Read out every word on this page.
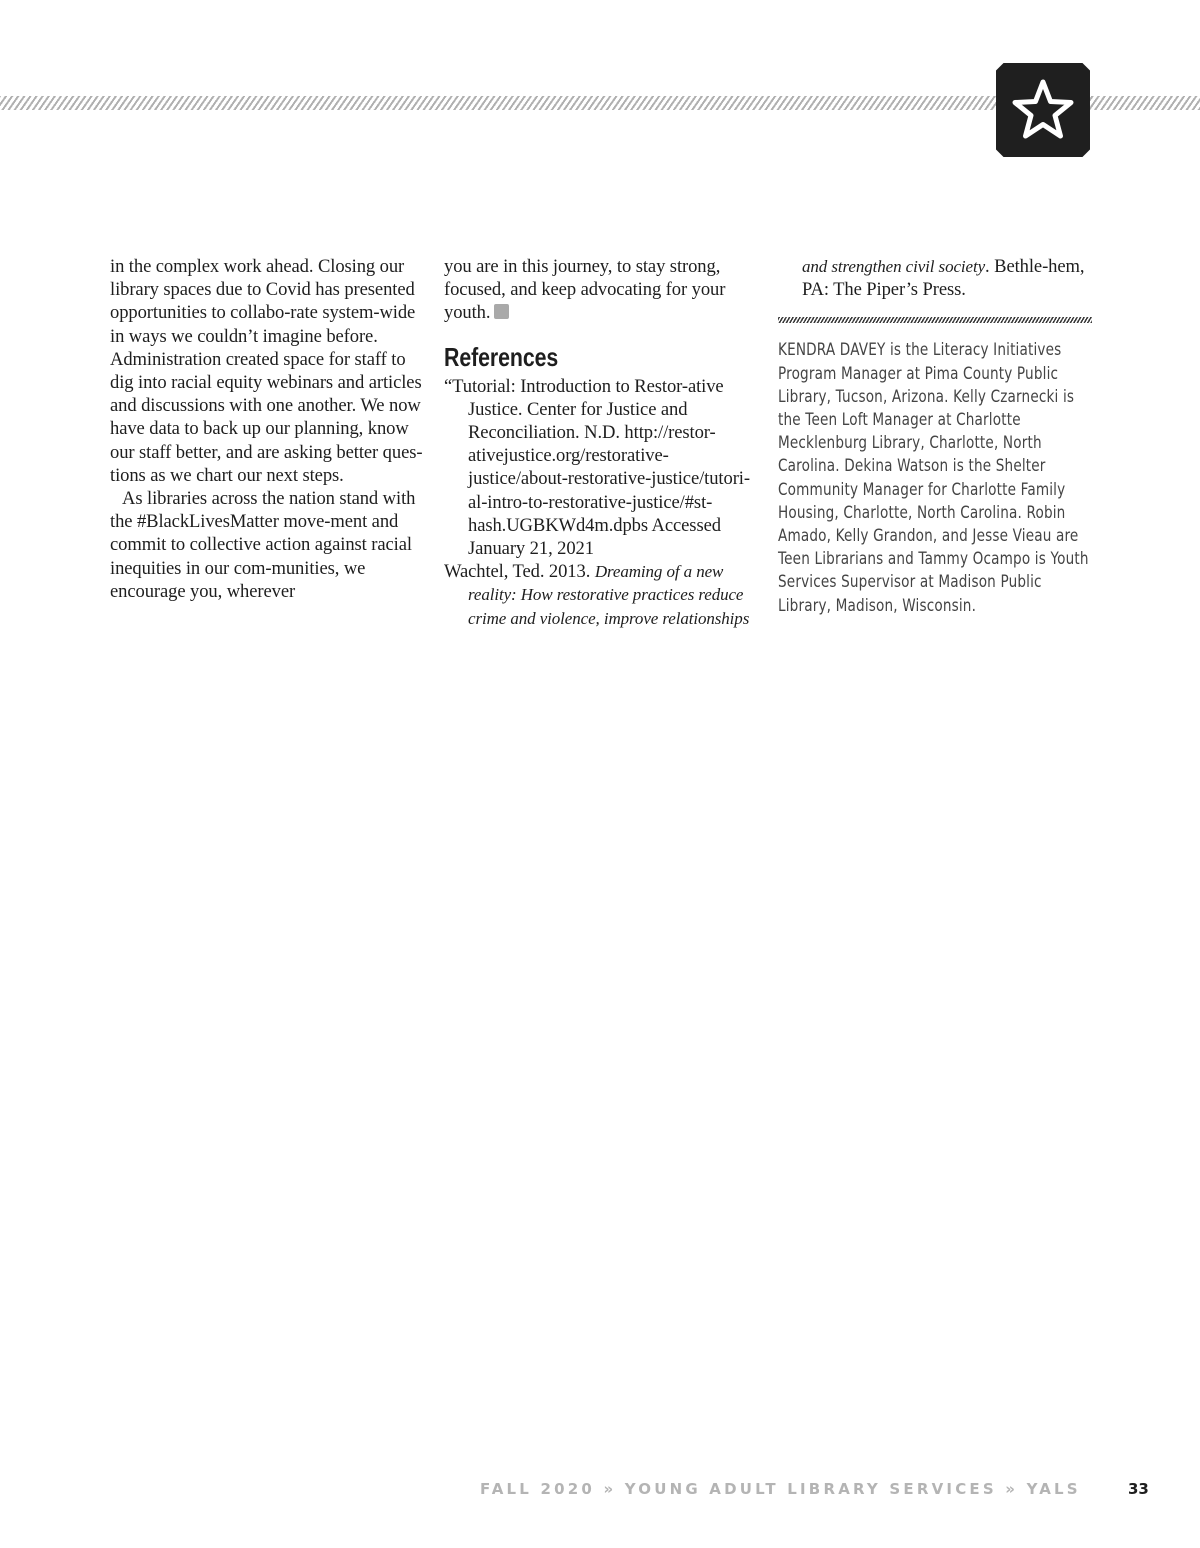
in the complex work ahead. Closing our library spaces due to Covid has presented opportunities to collabo-rate system-wide in ways we couldn’t imagine before. Administration created space for staff to dig into racial equity webinars and articles and discussions with one another. We now have data to back up our planning, know our staff better, and are asking better ques-tions as we chart our next steps.

As libraries across the nation stand with the #BlackLivesMatter move-ment and commit to collective action against racial inequities in our com-munities, we encourage you, wherever

you are in this journey, to stay strong, focused, and keep advocating for your youth.

References

“Tutorial: Introduction to Restor-ative Justice. Center for Justice and Reconciliation. N.D. http://restor-ativejustice.org/restorative-justice/about-restorative-justice/tutori-al-intro-to-restorative-justice/#st-hash.UGBKWd4m.dpbs Accessed January 21, 2021

Wachtel, Ted. 2013. Dreaming of a new reality: How restorative practices reduce crime and violence, improve relationships

and strengthen civil society. Bethle-hem, PA: The Piper’s Press.

KENDRA DAVEY is the Literacy Initiatives Program Manager at Pima County Public Library, Tucson, Arizona. Kelly Czarnecki is the Teen Loft Manager at Charlotte Mecklenburg Library, Charlotte, North Carolina. Dekina Watson is the Shelter Community Manager for Charlotte Family Housing, Charlotte, North Carolina. Robin Amado, Kelly Grandon, and Jesse Vieau are Teen Librarians and Tammy Ocampo is Youth Services Supervisor at Madison Public Library, Madison, Wisconsin.

FALL 2020 » YOUNG ADULT LIBRARY SERVICES » YALS	33
